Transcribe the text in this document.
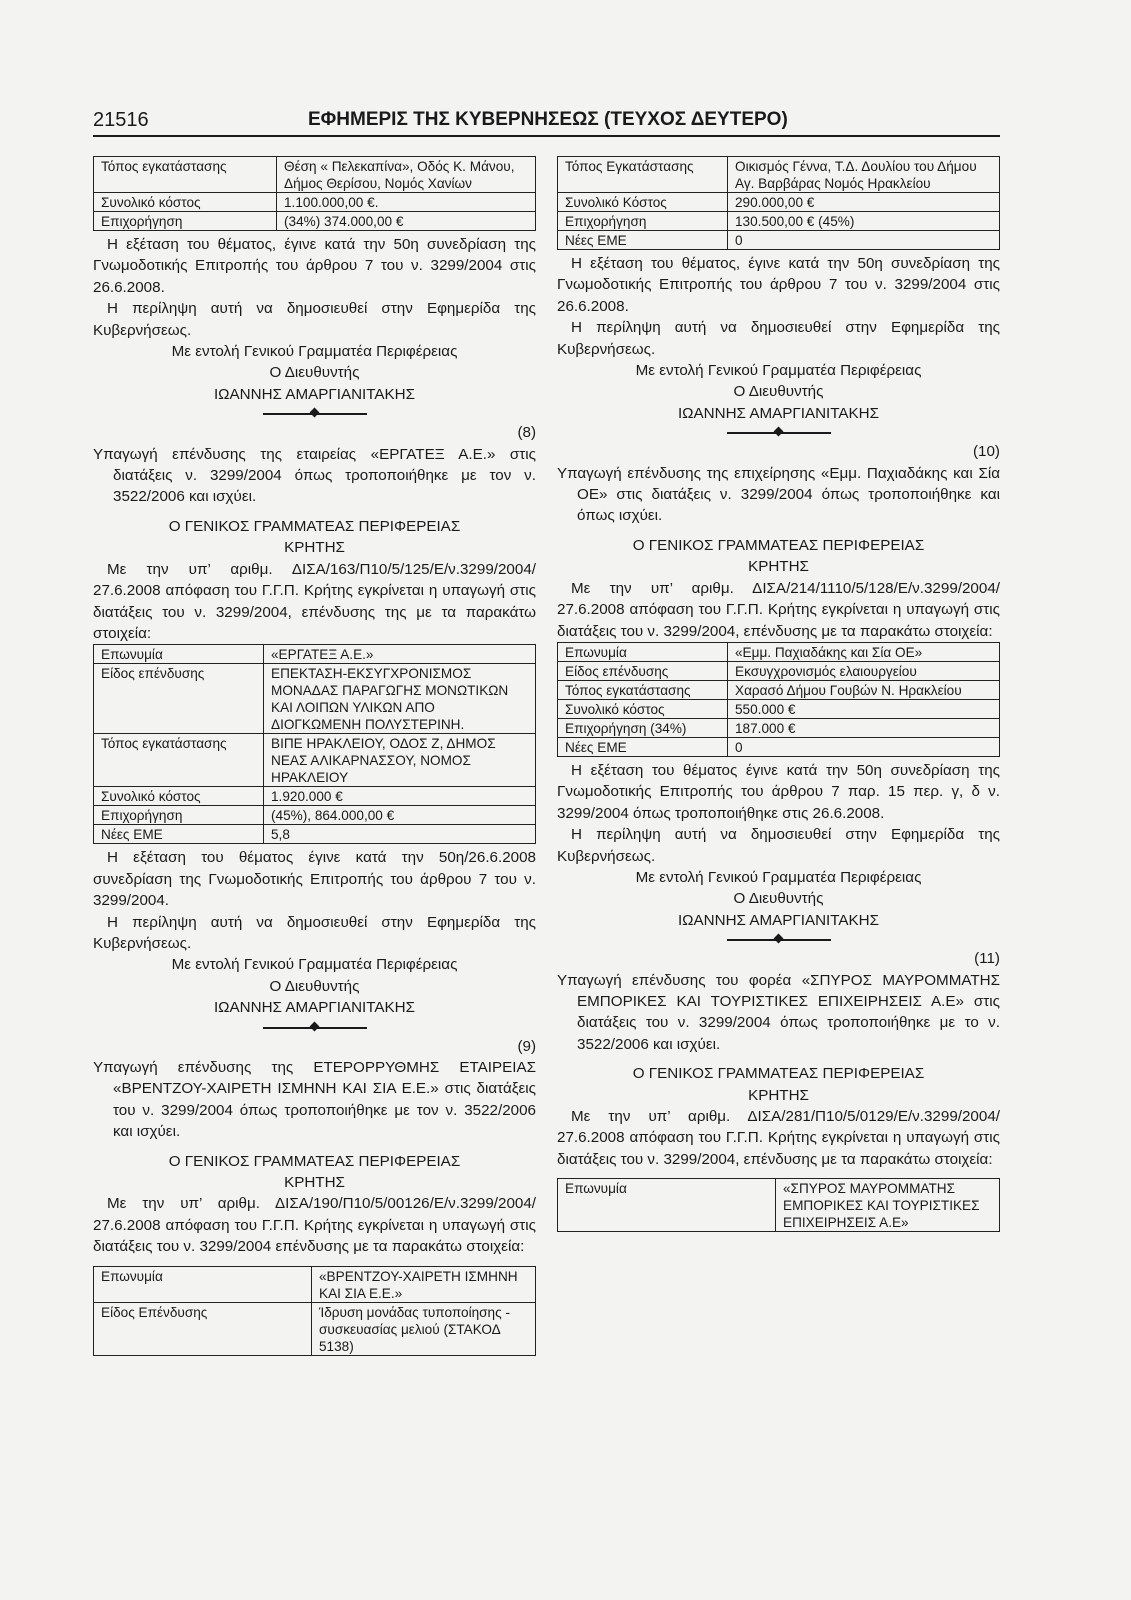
21516	ΕΦΗΜΕΡΙΣ ΤΗΣ ΚΥΒΕΡΝΗΣΕΩΣ (ΤΕΥΧΟΣ ΔΕΥΤΕΡΟ)
Τόπος εγκατάστασης	Θέση « Πελεκαπίνα», Οδός Κ. Μάνου, Δήμος Θερίσου, Νομός Χανίων
Συνολικό κόστος	1.100.000,00 €.
Επιχορήγηση	(34%) 374.000,00 €

Η εξέταση του θέματος, έγινε κατά την 50η συνεδρίαση της Γνωμοδοτικής Επιτροπής του άρθρου 7 του ν. 3299/2004 στις 26.6.2008.

Η περίληψη αυτή να δημοσιευθεί στην Εφημερίδα της Κυβερνήσεως.

Με εντολή Γενικού Γραμματέα Περιφέρειας

Ο Διευθυντής

ΙΩΑΝΝΗΣ ΑΜΑΡΓΙΑΝΙΤΑΚΗΣ

(8)

Υπαγωγή επένδυσης της εταιρείας «ΕΡΓΑΤΕΞ Α.Ε.» στις διατάξεις ν. 3299/2004 όπως τροποποιήθηκε με τον ν. 3522/2006 και ισχύει.

Ο ΓΕΝΙΚΟΣ ΓΡΑΜΜΑΤΕΑΣ ΠΕΡΙΦΕΡΕΙΑΣ

ΚΡΗΤΗΣ

Με την υπ’ αριθμ. ΔΙΣΑ/163/Π10/5/125/Ε/ν.3299/2004/ 27.6.2008 απόφαση του Γ.Γ.Π. Κρήτης εγκρίνεται η υπαγωγή στις διατάξεις του ν. 3299/2004, επένδυσης της με τα παρακάτω στοιχεία:

Επωνυμία	«ΕΡΓΑΤΕΞ Α.Ε.»
Είδος επένδυσης	ΕΠΕΚΤΑΣΗ-ΕΚΣΥΓΧΡΟΝΙΣΜΟΣ ΜΟΝΑΔΑΣ ΠΑΡΑΓΩΓΗΣ ΜΟΝΩΤΙΚΩΝ ΚΑΙ ΛΟΙΠΩΝ ΥΛΙΚΩΝ ΑΠΟ ΔΙΟΓΚΩΜΕΝΗ ΠΟΛΥΣΤΕΡΙΝΗ.
Τόπος εγκατάστασης	ΒΙΠΕ ΗΡΑΚΛΕΙΟΥ, ΟΔΟΣ Ζ, ΔΗΜΟΣ ΝΕΑΣ ΑΛΙΚΑΡΝΑΣΣΟΥ, ΝΟΜΟΣ ΗΡΑΚΛΕΙΟΥ
Συνολικό κόστος	1.920.000 €
Επιχορήγηση	(45%), 864.000,00 €
Νέες ΕΜΕ	5,8

Η εξέταση του θέματος έγινε κατά την 50η/26.6.2008 συνεδρίαση της Γνωμοδοτικής Επιτροπής του άρθρου 7 του ν. 3299/2004.

Η περίληψη αυτή να δημοσιευθεί στην Εφημερίδα της Κυβερνήσεως.

Με εντολή Γενικού Γραμματέα Περιφέρειας

Ο Διευθυντής

ΙΩΑΝΝΗΣ ΑΜΑΡΓΙΑΝΙΤΑΚΗΣ

(9)

Υπαγωγή επένδυσης της ΕΤΕΡΟΡΡΥΘΜΗΣ ΕΤΑΙΡΕΙΑΣ «ΒΡΕΝΤΖΟΥ-ΧΑΙΡΕΤΗ ΙΣΜΗΝΗ ΚΑΙ ΣΙΑ Ε.Ε.» στις διατάξεις του ν. 3299/2004 όπως τροποποιήθηκε με τον ν. 3522/2006 και ισχύει.

Ο ΓΕΝΙΚΟΣ ΓΡΑΜΜΑΤΕΑΣ ΠΕΡΙΦΕΡΕΙΑΣ

ΚΡΗΤΗΣ

Με την υπ’ αριθμ. ΔΙΣΑ/190/Π10/5/00126/Ε/ν.3299/2004/ 27.6.2008 απόφαση του Γ.Γ.Π. Κρήτης εγκρίνεται η υπαγωγή στις διατάξεις του ν. 3299/2004 επένδυσης με τα παρακάτω στοιχεία:

Επωνυμία	«ΒΡΕΝΤΖΟΥ-ΧΑΙΡΕΤΗ ΙΣΜΗΝΗ ΚΑΙ ΣΙΑ Ε.Ε.»
Είδος Επένδυσης	Ίδρυση μονάδας τυποποίησης - συσκευασίας μελιού (ΣΤΑΚΟΔ 5138)
Τόπος Εγκατάστασης	Οικισμός Γέννα, Τ.Δ. Δουλίου του Δήμου Αγ. Βαρβάρας Νομός Ηρακλείου
Συνολικό Κόστος	290.000,00 €
Επιχορήγηση	130.500,00 € (45%)
Νέες ΕΜΕ	0

Η εξέταση του θέματος, έγινε κατά την 50η συνεδρίαση της Γνωμοδοτικής Επιτροπής του άρθρου 7 του ν. 3299/2004 στις 26.6.2008.

Η περίληψη αυτή να δημοσιευθεί στην Εφημερίδα της Κυβερνήσεως.

Με εντολή Γενικού Γραμματέα Περιφέρειας

Ο Διευθυντής

ΙΩΑΝΝΗΣ ΑΜΑΡΓΙΑΝΙΤΑΚΗΣ

(10)

Υπαγωγή επένδυσης της επιχείρησης «Εμμ. Παχιαδάκης και Σία ΟΕ» στις διατάξεις ν. 3299/2004 όπως τροποποιήθηκε και όπως ισχύει.

Ο ΓΕΝΙΚΟΣ ΓΡΑΜΜΑΤΕΑΣ ΠΕΡΙΦΕΡΕΙΑΣ

ΚΡΗΤΗΣ

Με την υπ’ αριθμ. ΔΙΣΑ/214/1110/5/128/Ε/ν.3299/2004/ 27.6.2008 απόφαση του Γ.Γ.Π. Κρήτης εγκρίνεται η υπαγωγή στις διατάξεις του ν. 3299/2004, επένδυσης με τα παρακάτω στοιχεία:

Επωνυμία	«Εμμ. Παχιαδάκης και Σία ΟΕ»
Είδος επένδυσης	Εκσυγχρονισμός ελαιουργείου
Τόπος εγκατάστασης	Χαρασό Δήμου Γουβών Ν. Ηρακλείου
Συνολικό κόστος	550.000 €
Επιχορήγηση (34%)	187.000 €
Νέες ΕΜΕ	0

Η εξέταση του θέματος έγινε κατά την 50η συνεδρίαση της Γνωμοδοτικής Επιτροπής του άρθρου 7 παρ. 15 περ. γ, δ ν. 3299/2004 όπως τροποποιήθηκε στις 26.6.2008.

Η περίληψη αυτή να δημοσιευθεί στην Εφημερίδα της Κυβερνήσεως.

Με εντολή Γενικού Γραμματέα Περιφέρειας

Ο Διευθυντής

ΙΩΑΝΝΗΣ ΑΜΑΡΓΙΑΝΙΤΑΚΗΣ

(11)

Υπαγωγή επένδυσης του φορέα «ΣΠΥΡΟΣ ΜΑΥΡΟΜΜΑΤΗΣ ΕΜΠΟΡΙΚΕΣ ΚΑΙ ΤΟΥΡΙΣΤΙΚΕΣ ΕΠΙΧΕΙΡΗΣΕΙΣ Α.Ε» στις διατάξεις του ν. 3299/2004 όπως τροποποιήθηκε με το ν. 3522/2006 και ισχύει.

Ο ΓΕΝΙΚΟΣ ΓΡΑΜΜΑΤΕΑΣ ΠΕΡΙΦΕΡΕΙΑΣ

ΚΡΗΤΗΣ

Με την υπ’ αριθμ. ΔΙΣΑ/281/Π10/5/0129/Ε/ν.3299/2004/ 27.6.2008 απόφαση του Γ.Γ.Π. Κρήτης εγκρίνεται η υπαγωγή στις διατάξεις του ν. 3299/2004, επένδυσης με τα παρακάτω στοιχεία:

Επωνυμία	«ΣΠΥΡΟΣ ΜΑΥΡΟΜΜΑΤΗΣ ΕΜΠΟΡΙΚΕΣ ΚΑΙ ΤΟΥΡΙΣΤΙΚΕΣ ΕΠΙΧΕΙΡΗΣΕΙΣ Α.Ε»
